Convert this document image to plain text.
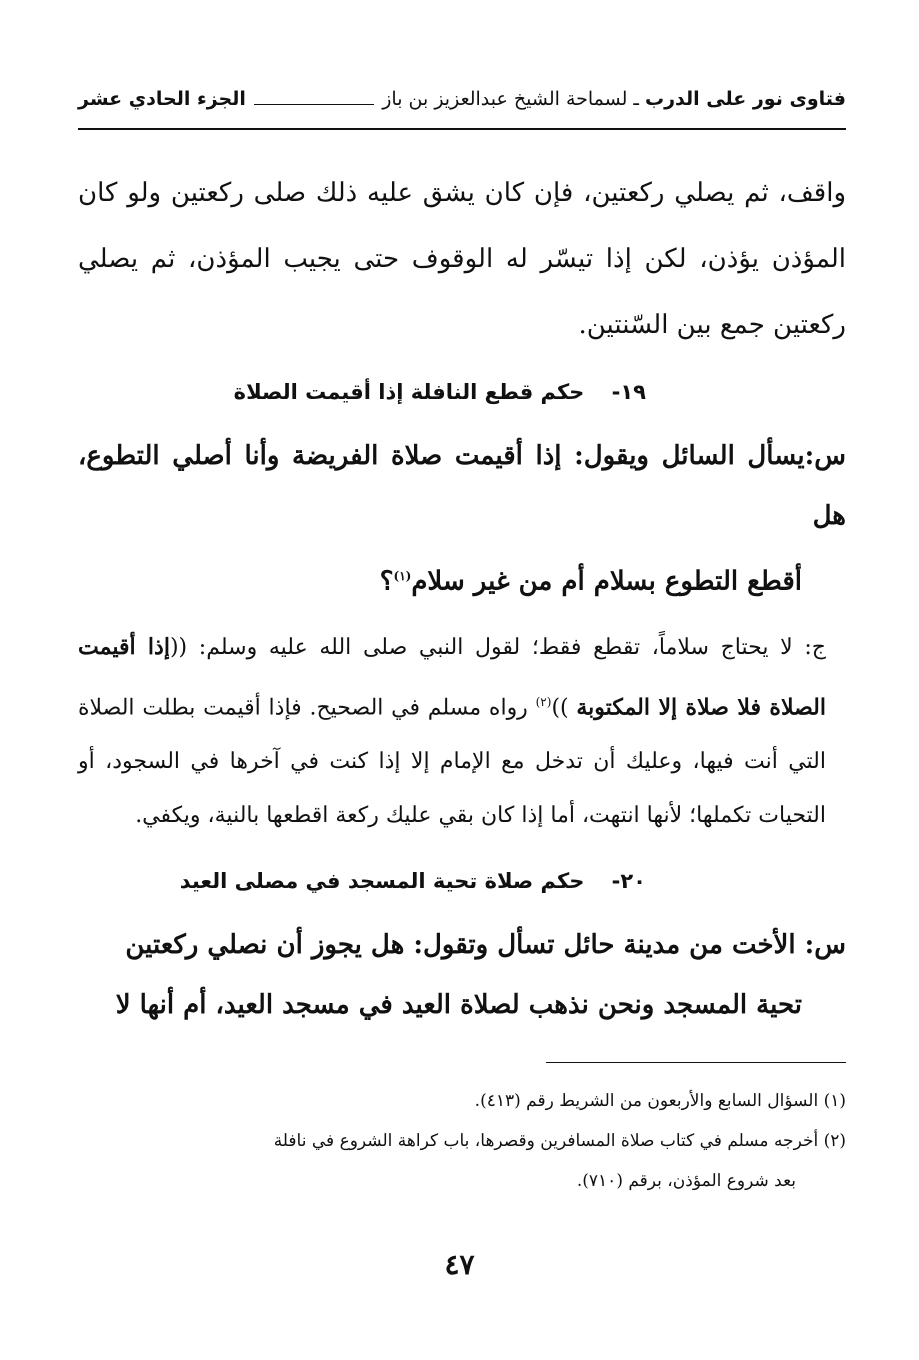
فتاوى نور على الدرب
ـ لسماحة الشيخ عبدالعزيز بن باز
الجزء الحادي عشر

واقف، ثم يصلي ركعتين، فإن كان يشق عليه ذلك صلى ركعتين ولو كان المؤذن يؤذن، لكن إذا تيسّر له الوقوف حتى يجيب المؤذن، ثم يصلي ركعتين جمع بين السّنتين.

١٩- حكم قطع النافلة إذا أقيمت الصلاة

س:يسأل السائل ويقول: إذا أقيمت صلاة الفريضة وأنا أصلي التطوع، هل

أقطع التطوع بسلام أم من غير سلام$^{(١)}$؟

ج: لا يحتاج سلاماً، تقطع فقط؛ لقول النبي صلى الله عليه وسلم: ((إذا أقيمت الصلاة فلا صلاة إلا المكتوبة ))$^{(٢)}$ رواه مسلم في الصحيح. فإذا أقيمت بطلت الصلاة التي أنت فيها، وعليك أن تدخل مع الإمام إلا إذا كنت في آخرها في السجود، أو التحيات تكملها؛ لأنها انتهت، أما إذا كان بقي عليك ركعة اقطعها بالنية، ويكفي.

٢٠- حكم صلاة تحية المسجد في مصلى العيد

س: الأخت من مدينة حائل تسأل وتقول: هل يجوز أن نصلي ركعتين

تحية المسجد ونحن نذهب لصلاة العيد في مسجد العيد، أم أنها لا

(١) السؤال السابع والأربعون من الشريط رقم (٤١٣).

(٢) أخرجه مسلم في كتاب صلاة المسافرين وقصرها، باب كراهة الشروع في نافلة

بعد شروع المؤذن، برقم (٧١٠).

٤٧
